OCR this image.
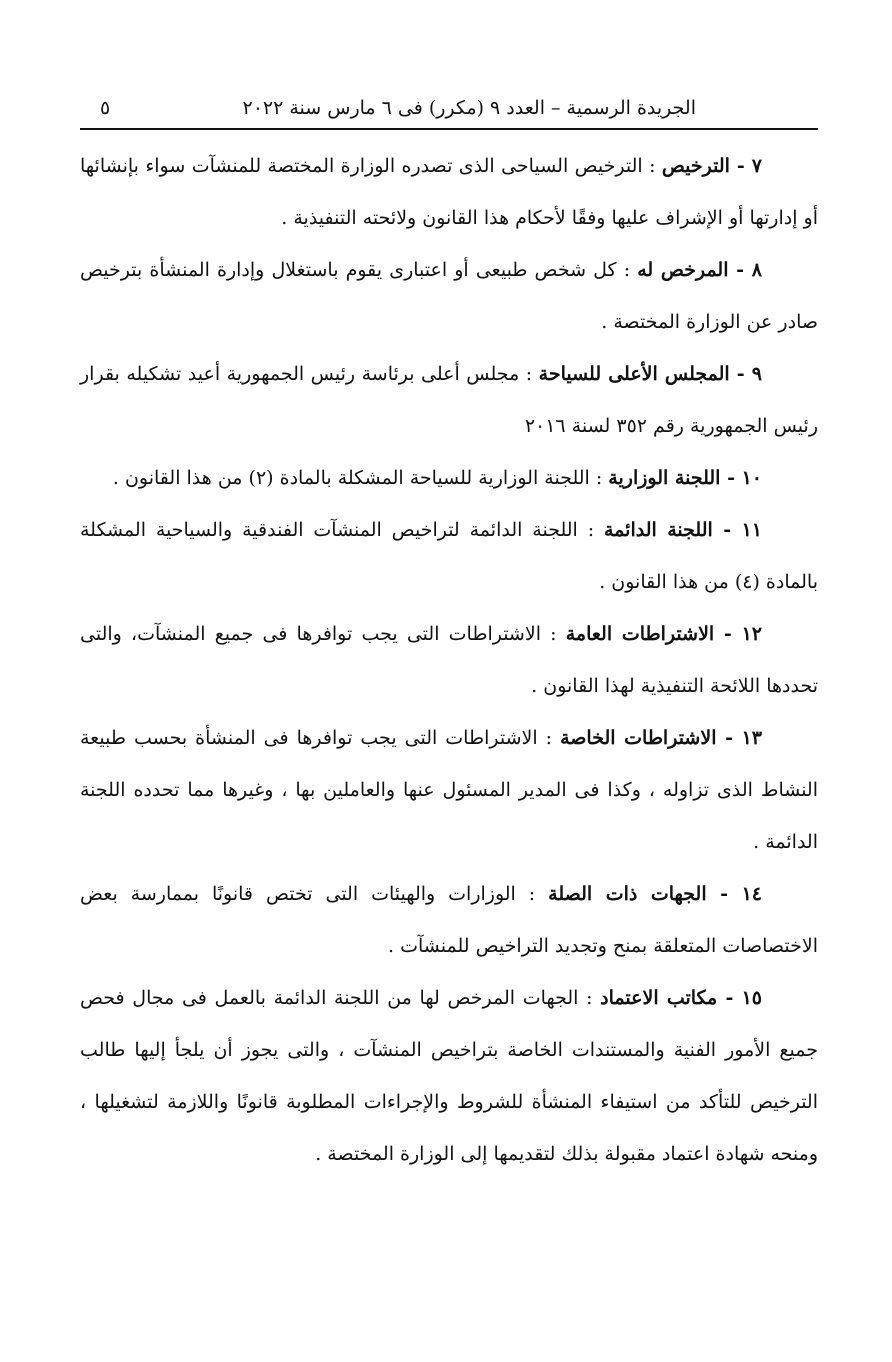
الجريدة الرسمية – العدد ٩ (مكرر) فى ٦ مارس سنة ٢٠٢٢
٥

٧ - الترخيص : الترخيص السياحى الذى تصدره الوزارة المختصة للمنشآت سواء بإنشائها أو إدارتها أو الإشراف عليها وفقًا لأحكام هذا القانون ولائحته التنفيذية .

٨ - المرخص له : كل شخص طبيعى أو اعتبارى يقوم باستغلال وإدارة المنشأة بترخيص صادر عن الوزارة المختصة .

٩ - المجلس الأعلى للسياحة : مجلس أعلى برئاسة رئيس الجمهورية أعيد تشكيله بقرار رئيس الجمهورية رقم ٣٥٢ لسنة ٢٠١٦

١٠ - اللجنة الوزارية : اللجنة الوزارية للسياحة المشكلة بالمادة (٢) من هذا القانون .

١١ - اللجنة الدائمة : اللجنة الدائمة لتراخيص المنشآت الفندقية والسياحية المشكلة بالمادة (٤) من هذا القانون .

١٢ - الاشتراطات العامة : الاشتراطات التى يجب توافرها فى جميع المنشآت، والتى تحددها اللائحة التنفيذية لهذا القانون .

١٣ - الاشتراطات الخاصة : الاشتراطات التى يجب توافرها فى المنشأة بحسب طبيعة النشاط الذى تزاوله ، وكذا فى المدير المسئول عنها والعاملين بها ، وغيرها مما تحدده اللجنة الدائمة .

١٤ - الجهات ذات الصلة : الوزارات والهيئات التى تختص قانونًا بممارسة بعض الاختصاصات المتعلقة بمنح وتجديد التراخيص للمنشآت .

١٥ - مكاتب الاعتماد : الجهات المرخص لها من اللجنة الدائمة بالعمل فى مجال فحص جميع الأمور الفنية والمستندات الخاصة بتراخيص المنشآت ، والتى يجوز أن يلجأ إليها طالب الترخيص للتأكد من استيفاء المنشأة للشروط والإجراءات المطلوبة قانونًا واللازمة لتشغيلها ، ومنحه شهادة اعتماد مقبولة بذلك لتقديمها إلى الوزارة المختصة .
